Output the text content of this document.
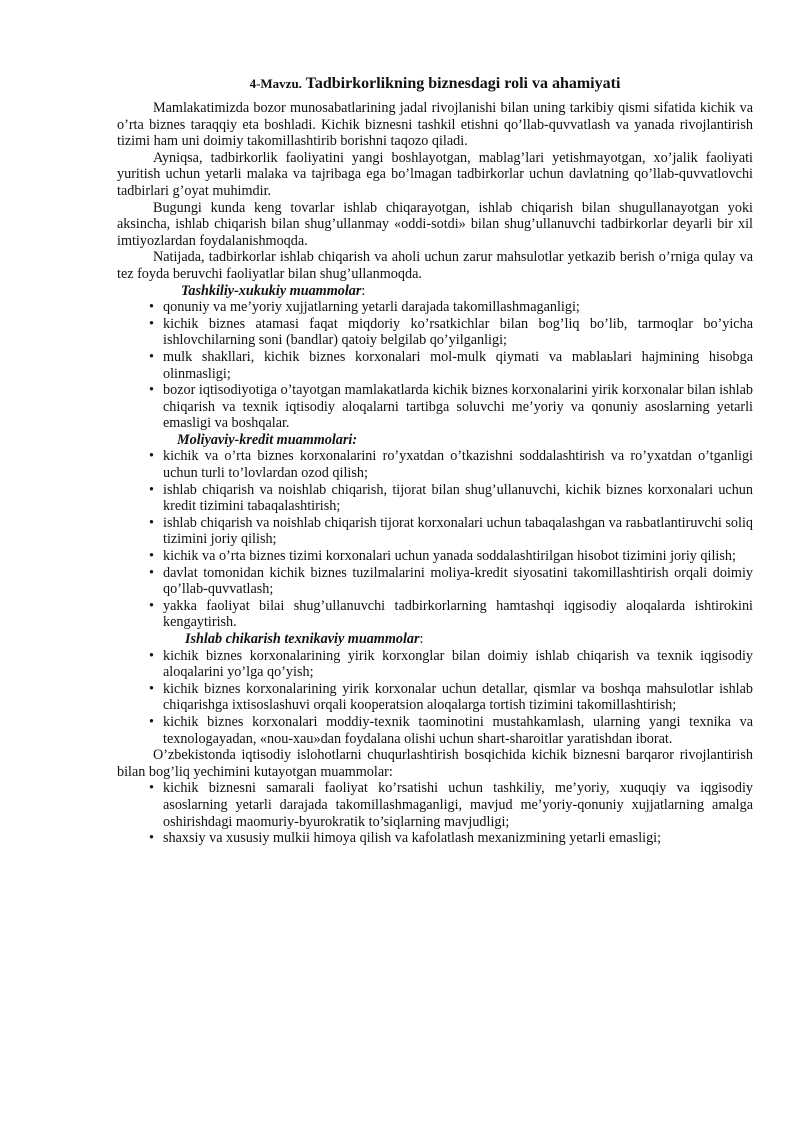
4-Mavzu. Tadbirkorlikning biznesdagi roli va ahamiyati

Mamlakatimizda bozor munosabatlarining jadal rivojlanishi bilan uning tarkibiy qismi sifatida kichik va o’rta biznes taraqqiy eta boshladi. Kichik biznesni tashkil etishni qo’llab-quvvatlash va yanada rivojlantirish tizimi ham uni doimiy takomillashtirib borishni taqozo qiladi.

Ayniqsa, tadbirkorlik faoliyatini yangi boshlayotgan, mablag’lari yetishmayotgan, xo’jalik faoliyati yuritish uchun yetarli malaka va tajribaga ega bo’lmagan tadbirkorlar uchun davlatning qo’llab-quvvatlovchi tadbirlari g’oyat muhimdir.

Bugungi kunda keng tovarlar ishlab chiqarayotgan, ishlab chiqarish bilan shugullanayotgan yoki aksincha, ishlab chiqarish bilan shug’ullanmay «oddi-sotdi» bilan shug’ullanuvchi tadbirkorlar deyarli bir xil imtiyozlardan foydalanishmoqda.

Natijada, tadbirkorlar ishlab chiqarish va aholi uchun zarur mahsulotlar yetkazib berish o’rniga qulay va tez foyda beruvchi faoliyatlar bilan shug’ullanmoqda.

Tashkiliy-xukukiy muammolar:
• qonuniy va me’yoriy xujjatlarning yetarli darajada takomillashmaganligi;
• kichik biznes atamasi faqat miqdoriy ko’rsatkichlar bilan bog’liq bo’lib, tarmoqlar bo’yicha ishlovchilarning soni (bandlar) qatoiy belgilab qo’yilganligi;
• mulk shakllari, kichik biznes korxonalari mol-mulk qiymati va mablaьlari hajmining hisobga olinmasligi;
• bozor iqtisodiyotiga o’tayotgan mamlakatlarda kichik biznes korxonalarini yirik korxonalar bilan ishlab chiqarish va texnik iqtisodiy aloqalarni tartibga soluvchi me’yoriy va qonuniy asoslarning yetarli emasligi va boshqalar.
Moliyaviy-kredit muammolari:
• kichik va o’rta biznes korxonalarini ro’yxatdan o’tkazishni soddalashtirish va ro’yxatdan o’tganligi uchun turli to’lovlardan ozod qilish;
• ishlab chiqarish va noishlab chiqarish, tijorat bilan shug’ullanuvchi, kichik biznes korxonalari uchun kredit tizimini tabaqalashtirish;
• ishlab chiqarish va noishlab chiqarish tijorat korxonalari uchun tabaqalashgan va raьbatlantiruvchi soliq tizimini joriy qilish;
• kichik va o’rta biznes tizimi korxonalari uchun yanada soddalashtirilgan hisobot tizimini joriy qilish;
• davlat tomonidan kichik biznes tuzilmalarini moliya-kredit siyosatini takomillashtirish orqali doimiy qo’llab-quvvatlash;
• yakka faoliyat bilai shug’ullanuvchi tadbirkorlarning hamtashqi iqgisodiy aloqalarda ishtirokini kengaytirish.
Ishlab chikarish texnikaviy muammolar:
• kichik biznes korxonalarining yirik korxonglar bilan doimiy ishlab chiqarish va texnik iqgisodiy aloqalarini yo’lga qo’yish;
• kichik biznes korxonalarining yirik korxonalar uchun detallar, qismlar va boshqa mahsulotlar ishlab chiqarishga ixtisoslashuvi orqali kooperatsion aloqalarga tortish tizimini takomillashtirish;
• kichik biznes korxonalari moddiy-texnik taominotini mustahkamlash, ularning yangi texnika va texnologayadan, «nou-xau»dan foydalana olishi uchun shart-sharoitlar yaratishdan iborat.

O’zbekistonda iqtisodiy islohotlarni chuqurlashtirish bosqichida kichik biznesni barqaror rivojlantirish bilan bog’liq yechimini kutayotgan muammolar:

• kichik biznesni samarali faoliyat ko’rsatishi uchun tashkiliy, me’yoriy, xuquqiy va iqgisodiy asoslarning yetarli darajada takomillashmaganligi, mavjud me’yoriy-qonuniy xujjatlarning amalga oshirishdagi maomuriy-byurokratik to’siqlarning mavjudligi;
• shaxsiy va xususiy mulkii himoya qilish va kafolatlash mexanizmining yetarli emasligi;
